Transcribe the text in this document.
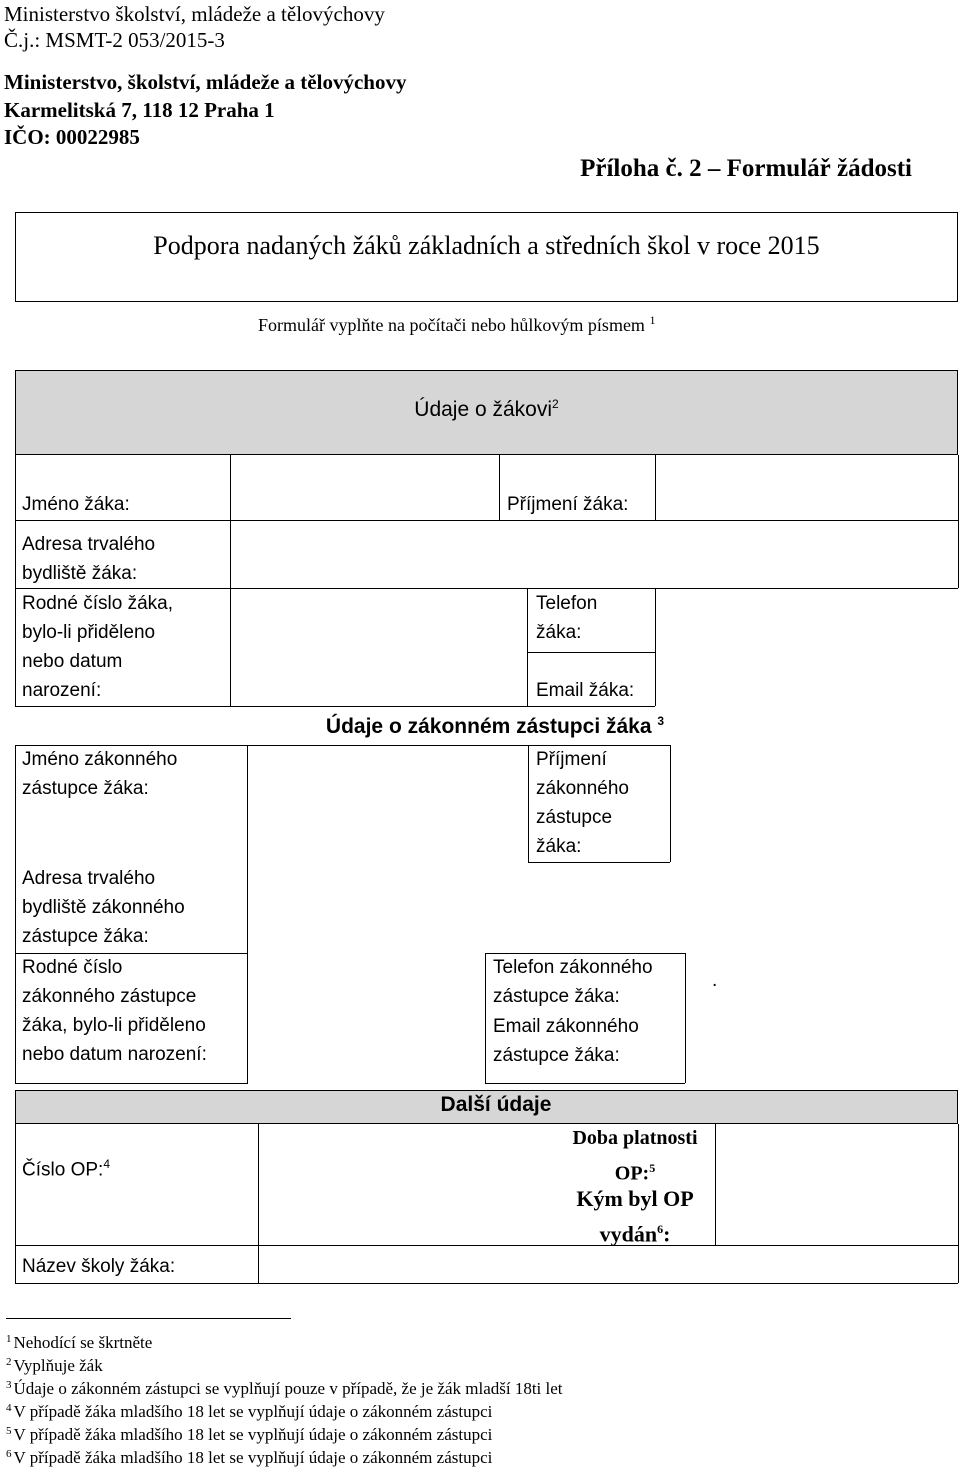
Ministerstvo školství, mládeže a tělovýchovy
Č.j.: MSMT-2 053/2015-3
Ministerstvo, školství, mládeže a tělovýchovy
Karmelitská 7, 118 12 Praha 1
IČO: 00022985
Příloha č. 2 – Formulář žádosti
Podpora nadaných žáků základních a středních škol v roce 2015
Formulář vyplňte na počítači nebo hůlkovým písmem $^1$
Údaje o žákovi$^2$
Jméno žáka:	Příjmení žáka:
Adresa trvalého
bydliště žáka:
Rodné číslo žáka,
bylo-li přiděleno
nebo datum
narození:
Telefon
žáka:
Email žáka:
Údaje o zákonném zástupci žáka $^3$
Jméno zákonného
zástupce žáka:
Příjmení
zákonného
zástupce
žáka:
Adresa trvalého
bydliště zákonného
zástupce žáka:
Rodné číslo
zákonného zástupce
žáka, bylo-li přiděleno
nebo datum narození:
Telefon zákonného
zástupce žáka:
Email zákonného
zástupce žáka:
.
Další údaje
Číslo OP:$^4$
Doba platnosti
OP:$^5$
Kým byl OP
vydán$^6$:
Název školy žáka:
$^1$ Nehodící se škrtněte
$^2$ Vyplňuje žák
$^3$ Údaje o zákonném zástupci se vyplňují pouze v případě, že je žák mladší 18ti let
$^4$ V případě žáka mladšího 18 let se vyplňují údaje o zákonném zástupci
$^5$ V případě žáka mladšího 18 let se vyplňují údaje o zákonném zástupci
$^6$ V případě žáka mladšího 18 let se vyplňují údaje o zákonném zástupci
